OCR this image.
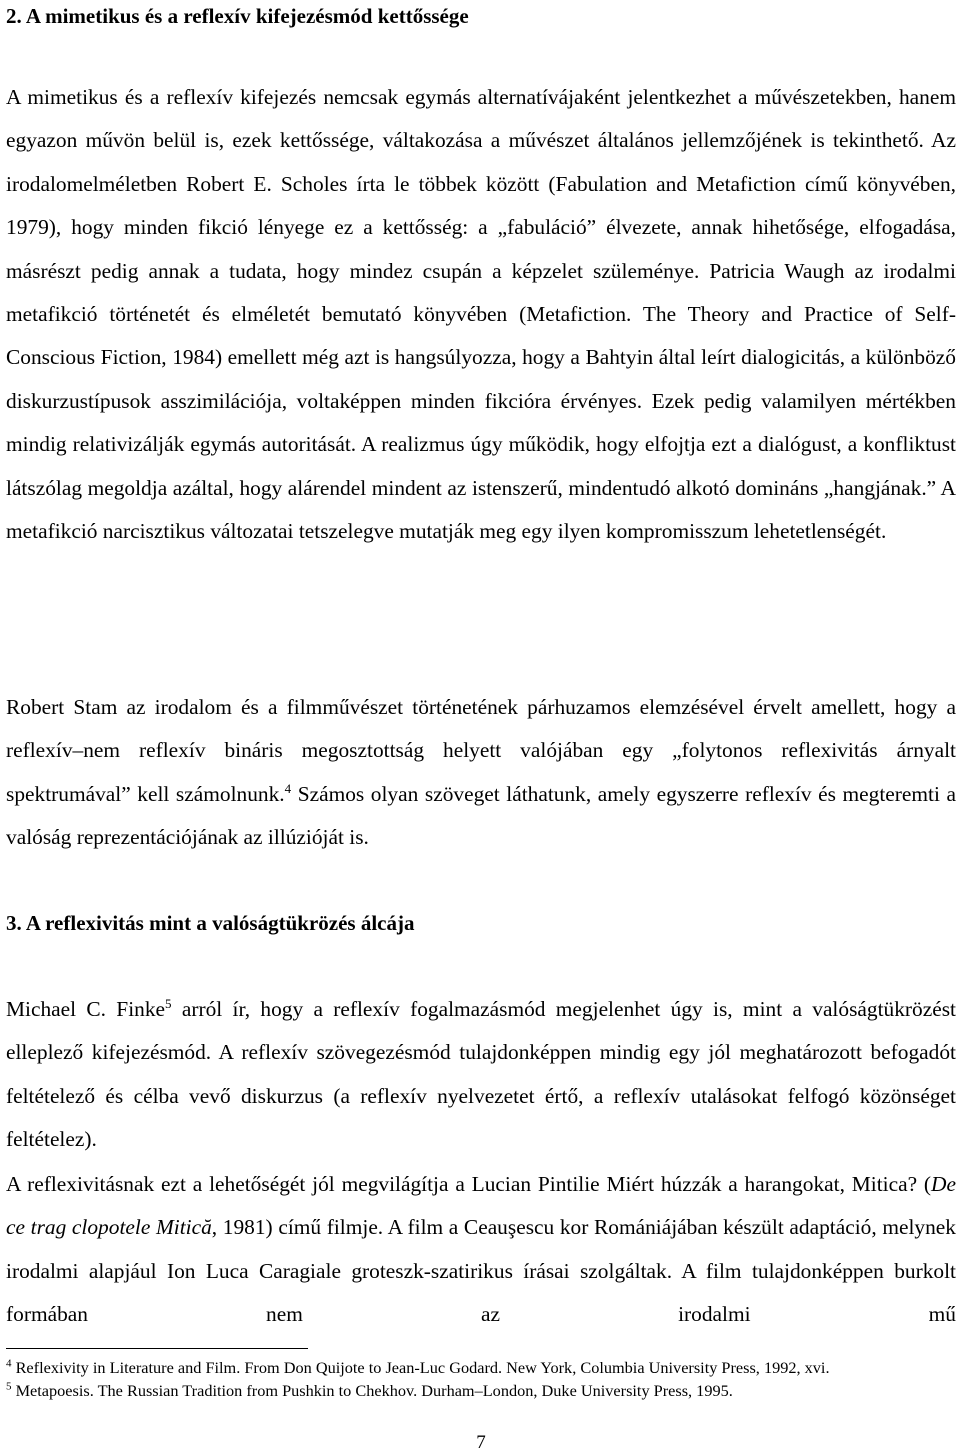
2. A mimetikus és a reflexív kifejezésmód kettőssége

A mimetikus és a reflexív kifejezés nemcsak egymás alternatívájaként jelentkezhet a művészetekben, hanem egyazon művön belül is, ezek kettőssége, váltakozása a művészet általános jellemzőjének is tekinthető. Az irodalomelméletben Robert E. Scholes írta le többek között (Fabulation and Metafiction című könyvében, 1979), hogy minden fikció lényege ez a kettősség: a „fabuláció” élvezete, annak hihetősége, elfogadása, másrészt pedig annak a tudata, hogy mindez csupán a képzelet szüleménye. Patricia Waugh az irodalmi metafikció történetét és elméletét bemutató könyvében (Metafiction. The Theory and Practice of Self-Conscious Fiction, 1984) emellett még azt is hangsúlyozza, hogy a Bahtyin által leírt dialogicitás, a különböző diskurzustípusok asszimilációja, voltaképpen minden fikcióra érvényes. Ezek pedig valamilyen mértékben mindig relativizálják egymás autoritását. A realizmus úgy működik, hogy elfojtja ezt a dialógust, a konfliktust látszólag megoldja azáltal, hogy alárendel mindent az istenszerű, mindentudó alkotó domináns „hangjának.” A metafikció narcisztikus változatai tetszelegve mutatják meg egy ilyen kompromisszum lehetetlenségét.

Robert Stam az irodalom és a filmművészet történetének párhuzamos elemzésével érvelt amellett, hogy a reflexív–nem reflexív bináris megosztottság helyett valójában egy „folytonos reflexivitás árnyalt spektrumával” kell számolnunk.$^4$ Számos olyan szöveget láthatunk, amely egyszerre reflexív és megteremti a valóság reprezentációjának az illúzióját is.

3. A reflexivitás mint a valóságtükrözés álcája

Michael C. Finke$^5$ arról ír, hogy a reflexív fogalmazásmód megjelenhet úgy is, mint a valóságtükrözést elleplező kifejezésmód. A reflexív szövegezésmód tulajdonképpen mindig egy jól meghatározott befogadót feltételező és célba vevő diskurzus (a reflexív nyelvezetet értő, a reflexív utalásokat felfogó közönséget feltételez).

A reflexivitásnak ezt a lehetőségét jól megvilágítja a Lucian Pintilie Miért húzzák a harangokat, Mitica? (De ce trag clopotele Mitică, 1981) című filmje. A film a Ceauşescu kor Romániájában készült adaptáció, melynek irodalmi alapjául Ion Luca Caragiale groteszk-szatirikus írásai szolgáltak. A film tulajdonképpen burkolt formában nem az irodalmi mű

$^4$ Reflexivity in Literature and Film. From Don Quijote to Jean-Luc Godard. New York, Columbia University Press, 1992, xvi.

$^5$ Metapoesis. The Russian Tradition from Pushkin to Chekhov. Durham–London, Duke University Press, 1995.

7
